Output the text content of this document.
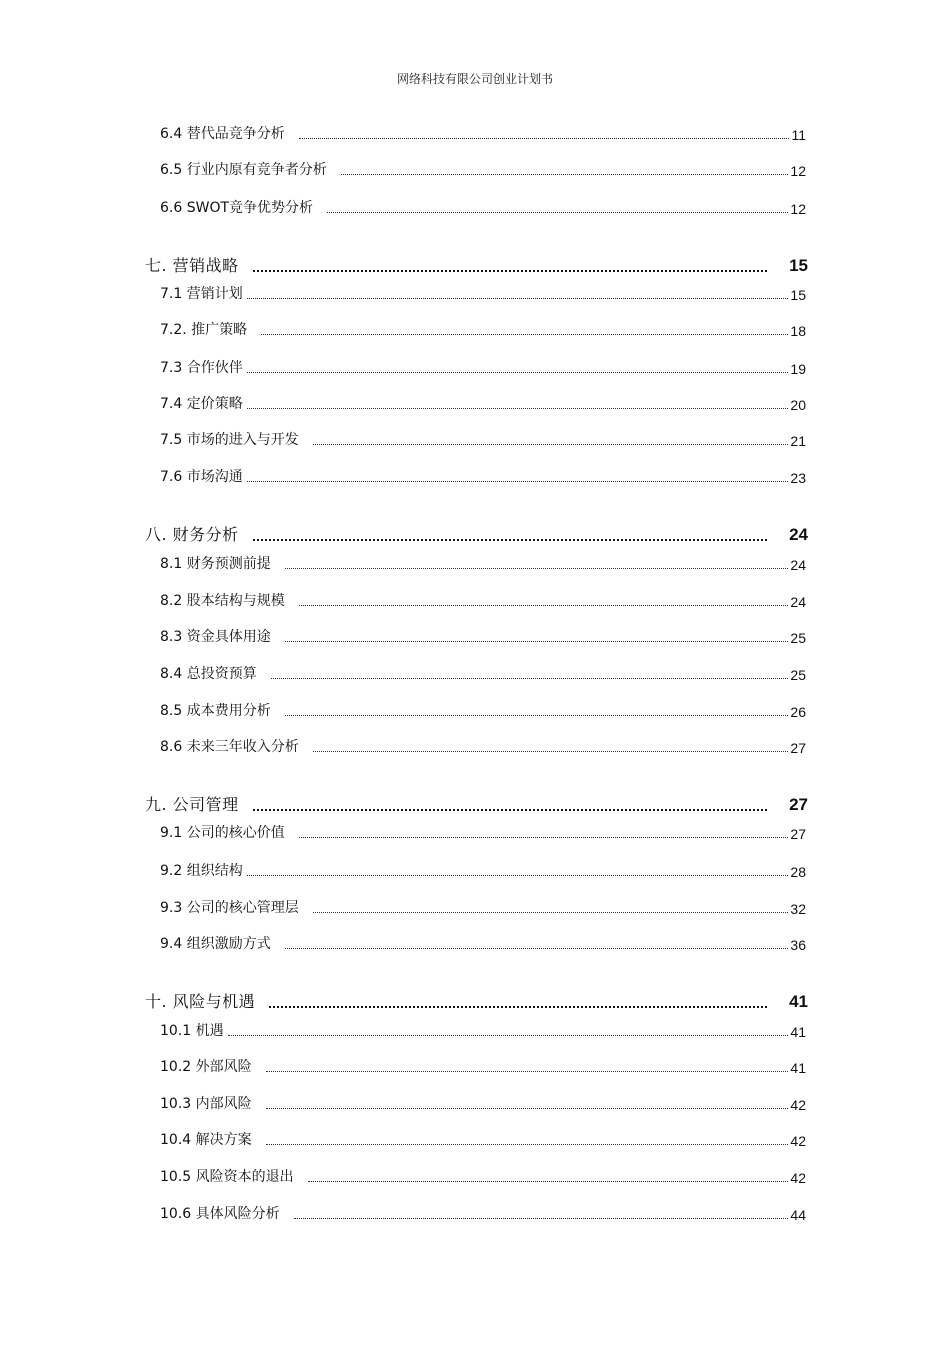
网络科技有限公司创业计划书
6.4 替代品竞争分析	11
6.5 行业内原有竞争者分析	12
6.6 SWOT竞争优势分析	12
七. 营销战略	15
7.1 营销计划	15
7.2. 推广策略	18
7.3 合作伙伴	19
7.4 定价策略	20
7.5 市场的进入与开发	21
7.6 市场沟通	23
八. 财务分析	24
8.1 财务预测前提	24
8.2 股本结构与规模	24
8.3 资金具体用途	25
8.4 总投资预算	25
8.5 成本费用分析	26
8.6 未来三年收入分析	27
九. 公司管理	27
9.1 公司的核心价值	27
9.2 组织结构	28
9.3 公司的核心管理层	32
9.4 组织激励方式	36
十. 风险与机遇	41
10.1 机遇	41
10.2 外部风险	41
10.3 内部风险	42
10.4 解决方案	42
10.5 风险资本的退出	42
10.6 具体风险分析	44
